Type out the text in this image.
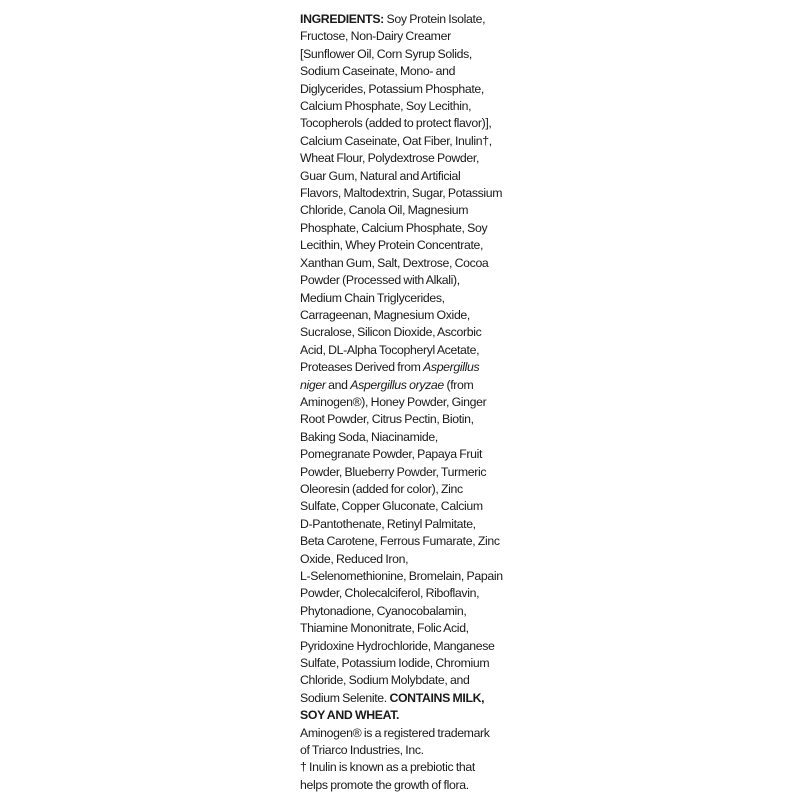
INGREDIENTS: Soy Protein Isolate,
Fructose, Non-Dairy Creamer
[Sunflower Oil, Corn Syrup Solids,
Sodium Caseinate, Mono- and
Diglycerides, Potassium Phosphate,
Calcium Phosphate, Soy Lecithin,
Tocopherols (added to protect flavor)],
Calcium Caseinate, Oat Fiber, Inulin†,
Wheat Flour, Polydextrose Powder,
Guar Gum, Natural and Artificial
Flavors, Maltodextrin, Sugar, Potassium
Chloride, Canola Oil, Magnesium
Phosphate, Calcium Phosphate, Soy
Lecithin, Whey Protein Concentrate,
Xanthan Gum, Salt, Dextrose, Cocoa
Powder (Processed with Alkali),
Medium Chain Triglycerides,
Carrageenan, Magnesium Oxide,
Sucralose, Silicon Dioxide, Ascorbic
Acid, DL-Alpha Tocopheryl Acetate,
Proteases Derived from Aspergillus
niger and Aspergillus oryzae (from
Aminogen®), Honey Powder, Ginger
Root Powder, Citrus Pectin, Biotin,
Baking Soda, Niacinamide,
Pomegranate Powder, Papaya Fruit
Powder, Blueberry Powder, Turmeric
Oleoresin (added for color), Zinc
Sulfate, Copper Gluconate, Calcium
D-Pantothenate, Retinyl Palmitate,
Beta Carotene, Ferrous Fumarate, Zinc
Oxide, Reduced Iron,
L-Selenomethionine, Bromelain, Papain
Powder, Cholecalciferol, Riboflavin,
Phytonadione, Cyanocobalamin,
Thiamine Mononitrate, Folic Acid,
Pyridoxine Hydrochloride, Manganese
Sulfate, Potassium Iodide, Chromium
Chloride, Sodium Molybdate, and
Sodium Selenite. CONTAINS MILK,
SOY AND WHEAT.

Aminogen® is a registered trademark
of Triarco Industries, Inc.

† Inulin is known as a prebiotic that
helps promote the growth of flora.
